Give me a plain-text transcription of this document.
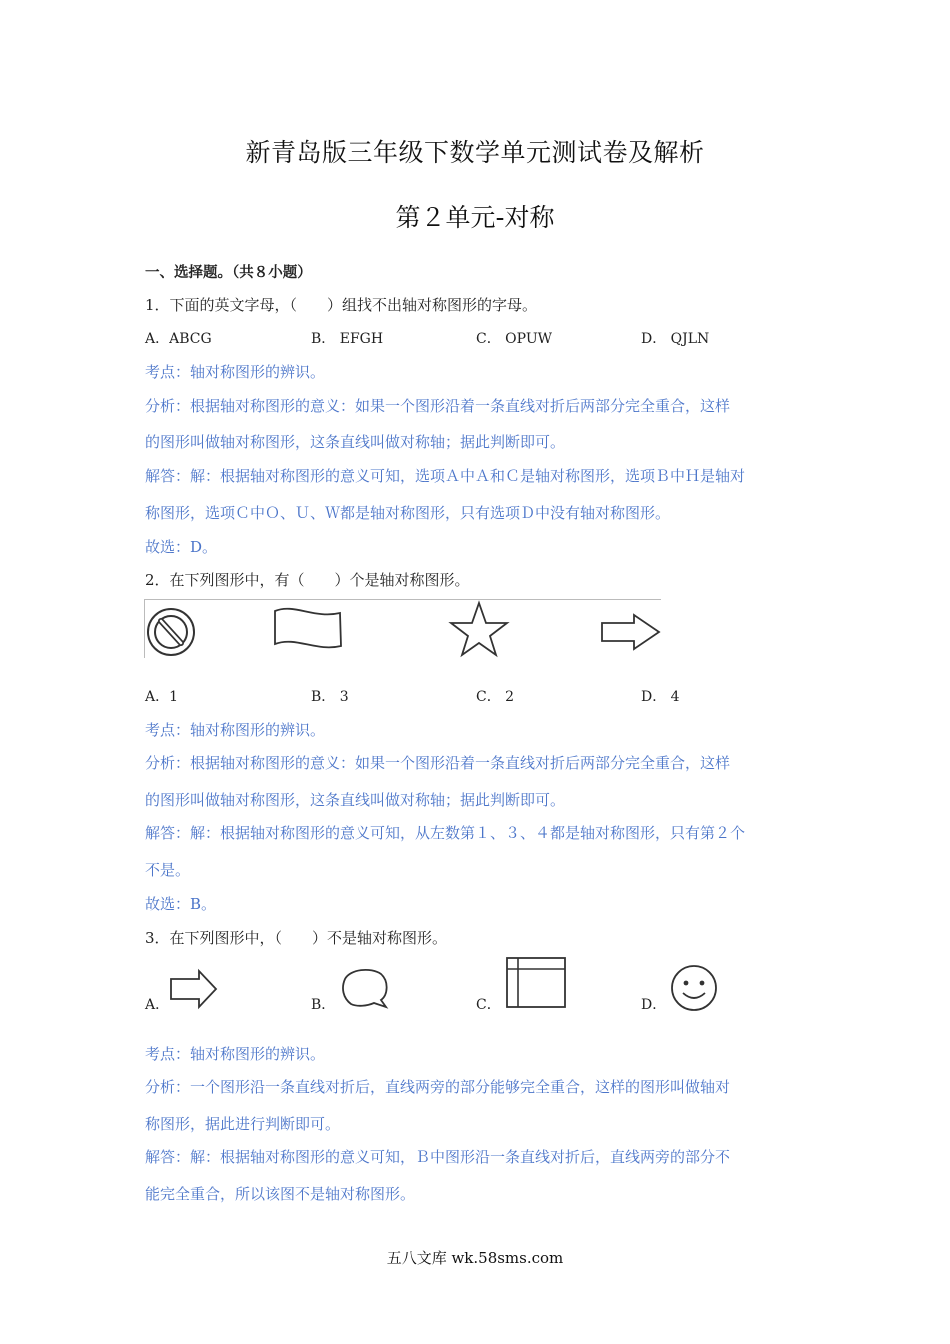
新青岛版三年级下数学单元测试卷及解析
第２单元-对称
一、选择题。（共８小题）
1．下面的英文字母，（　　）组找不出轴对称图形的字母。
A．ABCG	B． EFGH	C． OPUW	D． QJLN
考点：轴对称图形的辨识。
分析：根据轴对称图形的意义：如果一个图形沿着一条直线对折后两部分完全重合，这样
的图形叫做轴对称图形，这条直线叫做对称轴；据此判断即可。
解答：解：根据轴对称图形的意义可知，选项Ａ中Ａ和Ｃ是轴对称图形，选项Ｂ中Ｈ是轴对
称图形，选项Ｃ中Ｏ、Ｕ、Ｗ都是轴对称图形，只有选项Ｄ中没有轴对称图形。
故选：D。
2．在下列图形中，有（　　）个是轴对称图形。
A．1	B． 3	C． 2	D． 4
考点：轴对称图形的辨识。
分析：根据轴对称图形的意义：如果一个图形沿着一条直线对折后两部分完全重合，这样
的图形叫做轴对称图形，这条直线叫做对称轴；据此判断即可。
解答：解：根据轴对称图形的意义可知，从左数第１、３、４都是轴对称图形，只有第２个
不是。
故选：B。
3．在下列图形中，（　　）不是轴对称图形。
A．	B．	C．	D．
考点：轴对称图形的辨识。
分析：一个图形沿一条直线对折后，直线两旁的部分能够完全重合，这样的图形叫做轴对
称图形，据此进行判断即可。
解答：解：根据轴对称图形的意义可知，Ｂ中图形沿一条直线对折后，直线两旁的部分不
能完全重合，所以该图不是轴对称图形。
五八文库 wk.58sms.com
